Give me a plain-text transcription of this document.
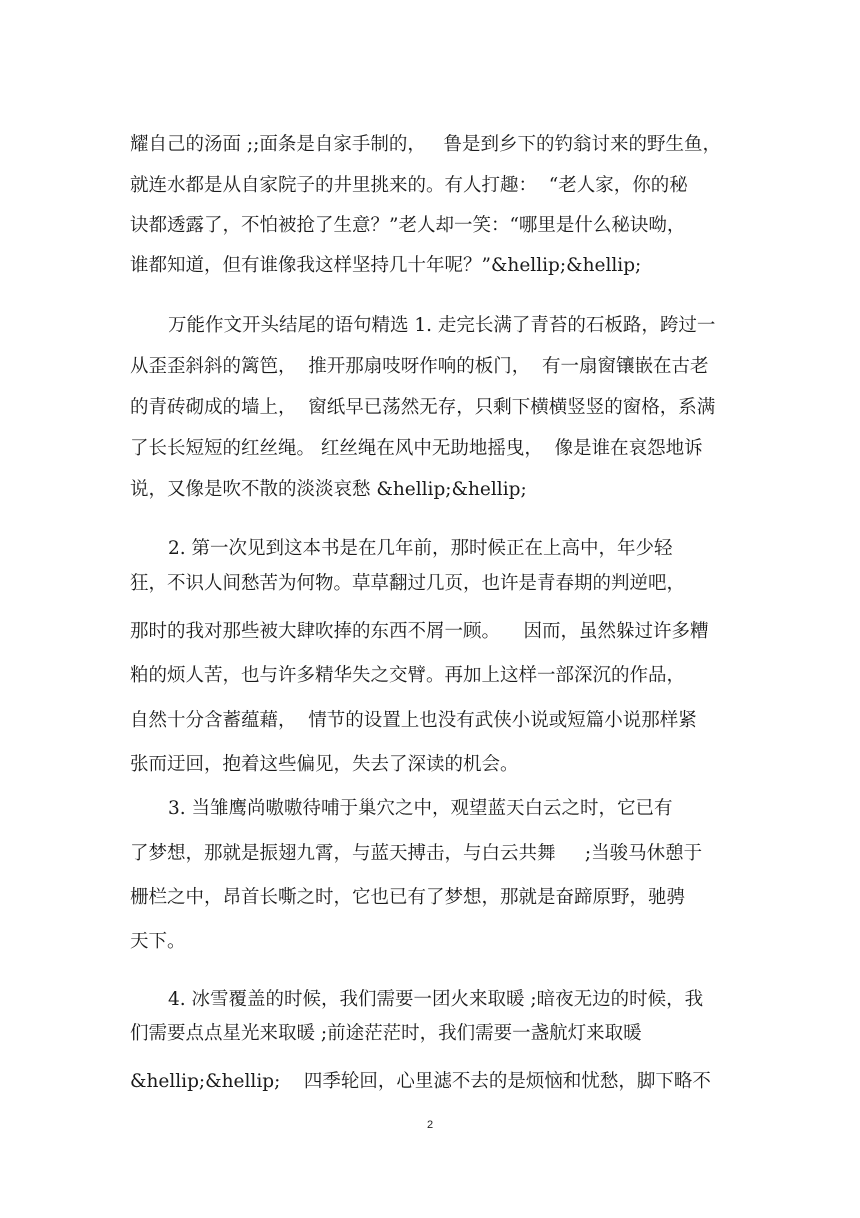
耀自己的汤面 ;;面条是自家手制的，   鲁是到乡下的钓翁讨来的野生鱼，
就连水都是从自家院子的井里挑来的。有人打趣：  “老人家，你的秘
诀都透露了，不怕被抢了生意？”老人却一笑：“哪里是什么秘诀呦，
谁都知道，但有谁像我这样坚持几十年呢？”&hellip;&hellip;
万能作文开头结尾的语句精选 1. 走完长满了青苔的石板路，跨过一
从歪歪斜斜的篱笆，  推开那扇吱呀作响的板门，  有一扇窗镶嵌在古老
的青砖砌成的墙上，  窗纸早已荡然无存，只剩下横横竖竖的窗格，系满
了长长短短的红丝绳。 红丝绳在风中无助地摇曳，  像是谁在哀怨地诉
说，又像是吹不散的淡淡哀愁 &hellip;&hellip;
2. 第一次见到这本书是在几年前，那时候正在上高中，年少轻
狂，不识人间愁苦为何物。草草翻过几页，也许是青春期的判逆吧，
那时的我对那些被大肆吹捧的东西不屑一顾。    因而，虽然躲过许多糟
粕的烦人苦，也与许多精华失之交臂。再加上这样一部深沉的作品，
自然十分含蓄蕴藉，  情节的设置上也没有武侠小说或短篇小说那样紧
张而迂回，抱着这些偏见，失去了深读的机会。
3. 当雏鹰尚嗷嗷待哺于巢穴之中，观望蓝天白云之时，它已有
了梦想，那就是振翅九霄，与蓝天搏击，与白云共舞     ;当骏马休憩于
栅栏之中，昂首长嘶之时，它也已有了梦想，那就是奋蹄原野，驰骋
天下。
4. 冰雪覆盖的时候，我们需要一团火来取暖 ;暗夜无边的时候，我
们需要点点星光来取暖 ;前途茫茫时，我们需要一盏航灯来取暖
&hellip;&hellip;    四季轮回，心里滤不去的是烦恼和忧愁，脚下略不
2
